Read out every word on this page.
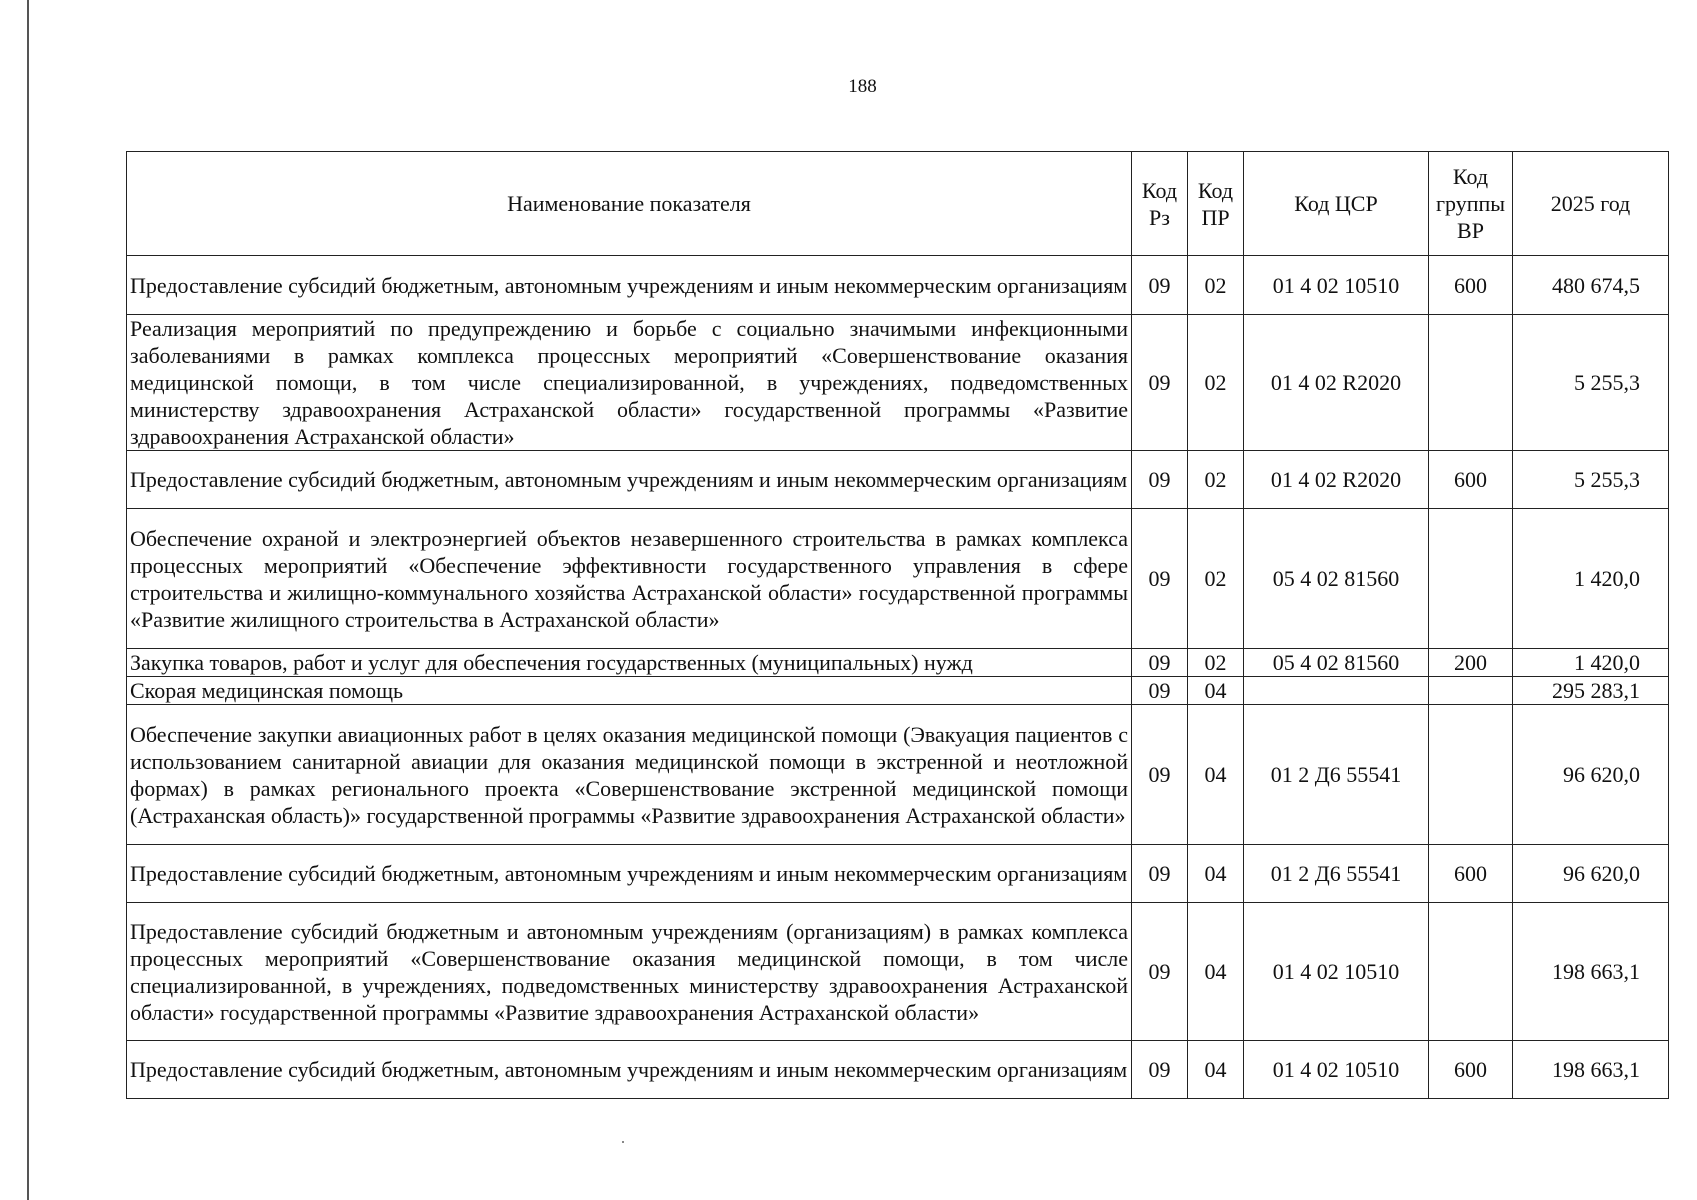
188
Наименование показателя	Код Рз	Код ПР	Код ЦСР	Код группы ВР	2025 год
Предоставление субсидий бюджетным, автономным учреждениям и иным некоммерческим организациям	09	02	01 4 02 10510	600	480 674,5
Реализация мероприятий по предупреждению и борьбе с социально значимыми инфекционными заболеваниями в рамках комплекса процессных мероприятий «Совершенствование оказания медицинской помощи, в том числе специализированной, в учреждениях, подведомственных министерству здравоохранения Астраханской области» государственной программы «Развитие здравоохранения Астраханской области»	09	02	01 4 02 R2020		5 255,3
Предоставление субсидий бюджетным, автономным учреждениям и иным некоммерческим организациям	09	02	01 4 02 R2020	600	5 255,3
Обеспечение охраной и электроэнергией объектов незавершенного строительства в рамках комплекса процессных мероприятий «Обеспечение эффективности государственного управления в сфере строительства и жилищно-коммунального хозяйства Астраханской области» государственной программы «Развитие жилищного строительства в Астраханской области»	09	02	05 4 02 81560		1 420,0
Закупка товаров, работ и услуг для обеспечения государственных (муниципальных) нужд	09	02	05 4 02 81560	200	1 420,0
Скорая медицинская помощь	09	04			295 283,1
Обеспечение закупки авиационных работ в целях оказания медицинской помощи (Эвакуация пациентов с использованием санитарной авиации для оказания медицинской помощи в экстренной и неотложной формах) в рамках регионального проекта «Совершенствование экстренной медицинской помощи (Астраханская область)» государственной программы «Развитие здравоохранения Астраханской области»	09	04	01 2 Д6 55541		96 620,0
Предоставление субсидий бюджетным, автономным учреждениям и иным некоммерческим организациям	09	04	01 2 Д6 55541	600	96 620,0
Предоставление субсидий бюджетным и автономным учреждениям (организациям) в рамках комплекса процессных мероприятий «Совершенствование оказания медицинской помощи, в том числе специализированной, в учреждениях, подведомственных министерству здравоохранения Астраханской области» государственной программы «Развитие здравоохранения Астраханской области»	09	04	01 4 02 10510		198 663,1
Предоставление субсидий бюджетным, автономным учреждениям и иным некоммерческим организациям	09	04	01 4 02 10510	600	198 663,1
